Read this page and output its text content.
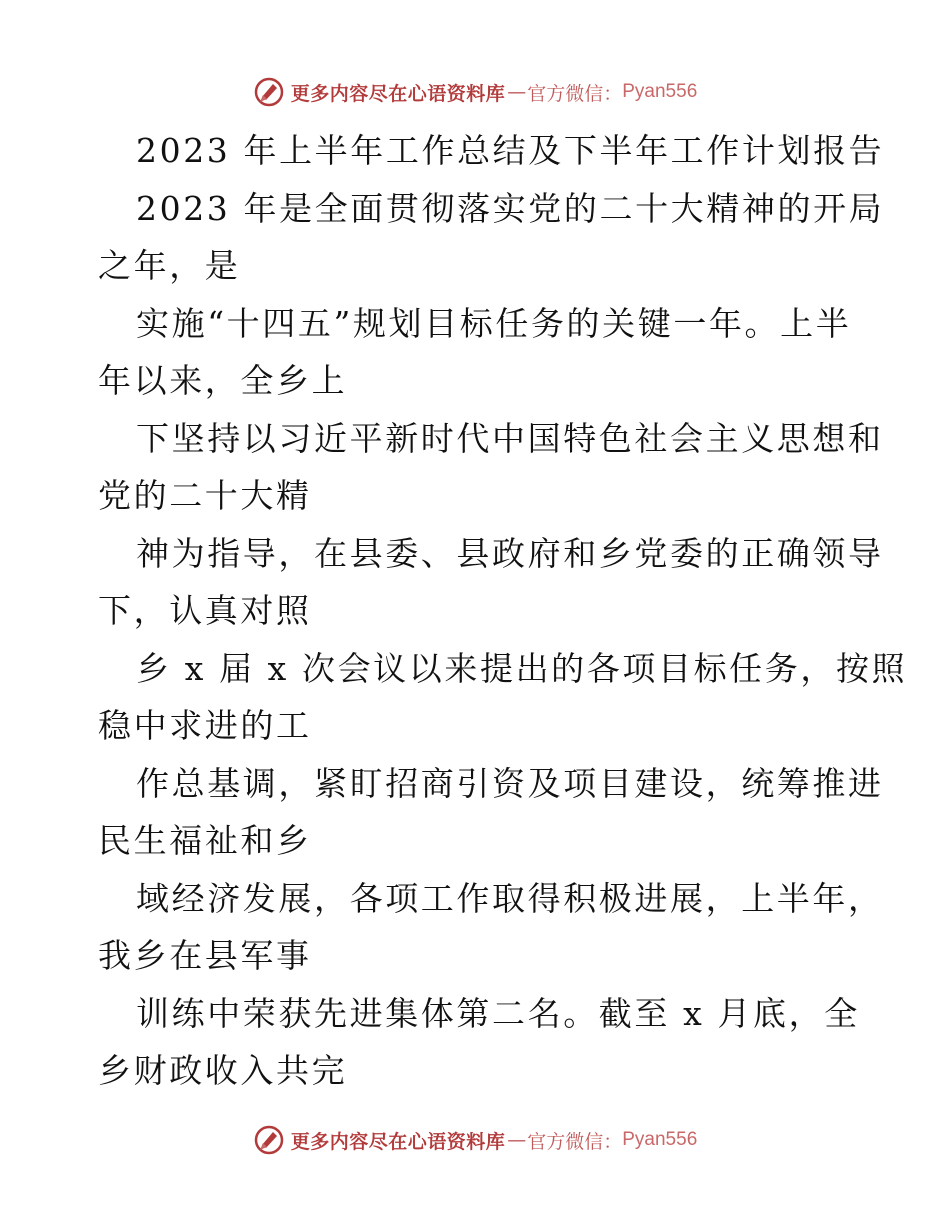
更多内容尽在心语资料库 — 官方微信： Pyan556
2023 年上半年工作总结及下半年工作计划报告
2023 年是全面贯彻落实党的二十大精神的开局
之年，是
实施“十四五”规划目标任务的关键一年。上半
年以来，全乡上
下坚持以习近平新时代中国特色社会主义思想和
党的二十大精
神为指导，在县委、县政府和乡党委的正确领导
下，认真对照
乡 x 届 x 次会议以来提出的各项目标任务，按照
稳中求进的工
作总基调，紧盯招商引资及项目建设，统筹推进
民生福祉和乡
域经济发展，各项工作取得积极进展，上半年，
我乡在县军事
训练中荣获先进集体第二名。截至 x 月底，全
乡财政收入共完
更多内容尽在心语资料库 — 官方微信： Pyan556
